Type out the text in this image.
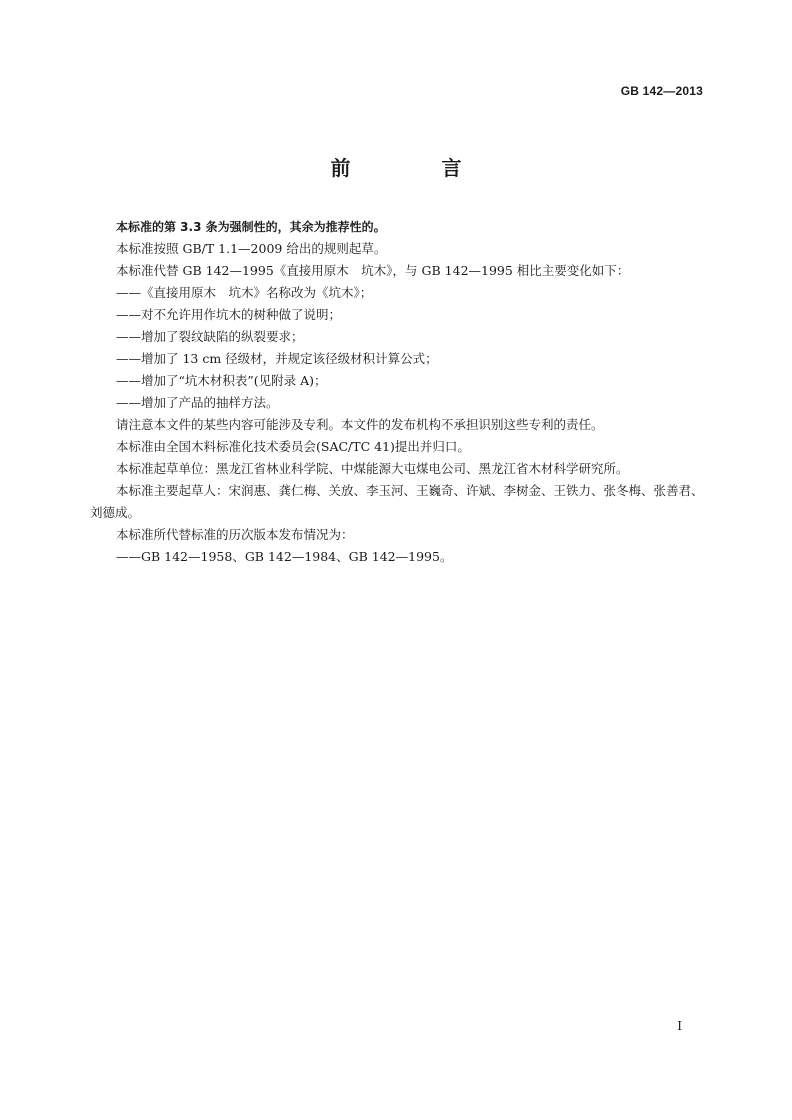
GB 142—2013
前 言

本标准的第 3.3 条为强制性的，其余为推荐性的。

本标准按照 GB/T 1.1—2009 给出的规则起草。

本标准代替 GB 142—1995《直接用原木　坑木》，与 GB 142—1995 相比主要变化如下：

——《直接用原木　坑木》名称改为《坑木》；

——对不允许用作坑木的树种做了说明；

——增加了裂纹缺陷的纵裂要求；

——增加了 13 cm 径级材，并规定该径级材积计算公式；

——增加了“坑木材积表”(见附录 A)；

——增加了产品的抽样方法。

请注意本文件的某些内容可能涉及专利。本文件的发布机构不承担识别这些专利的责任。

本标准由全国木料标准化技术委员会(SAC/TC 41)提出并归口。

本标准起草单位：黑龙江省林业科学院、中煤能源大屯煤电公司、黑龙江省木材科学研究所。

本标准主要起草人：宋润惠、龚仁梅、关放、李玉河、王巍奇、许斌、李树金、王铁力、张冬梅、张善君、刘德成。

本标准所代替标准的历次版本发布情况为：

——GB 142—1958、GB 142—1984、GB 142—1995。

I
